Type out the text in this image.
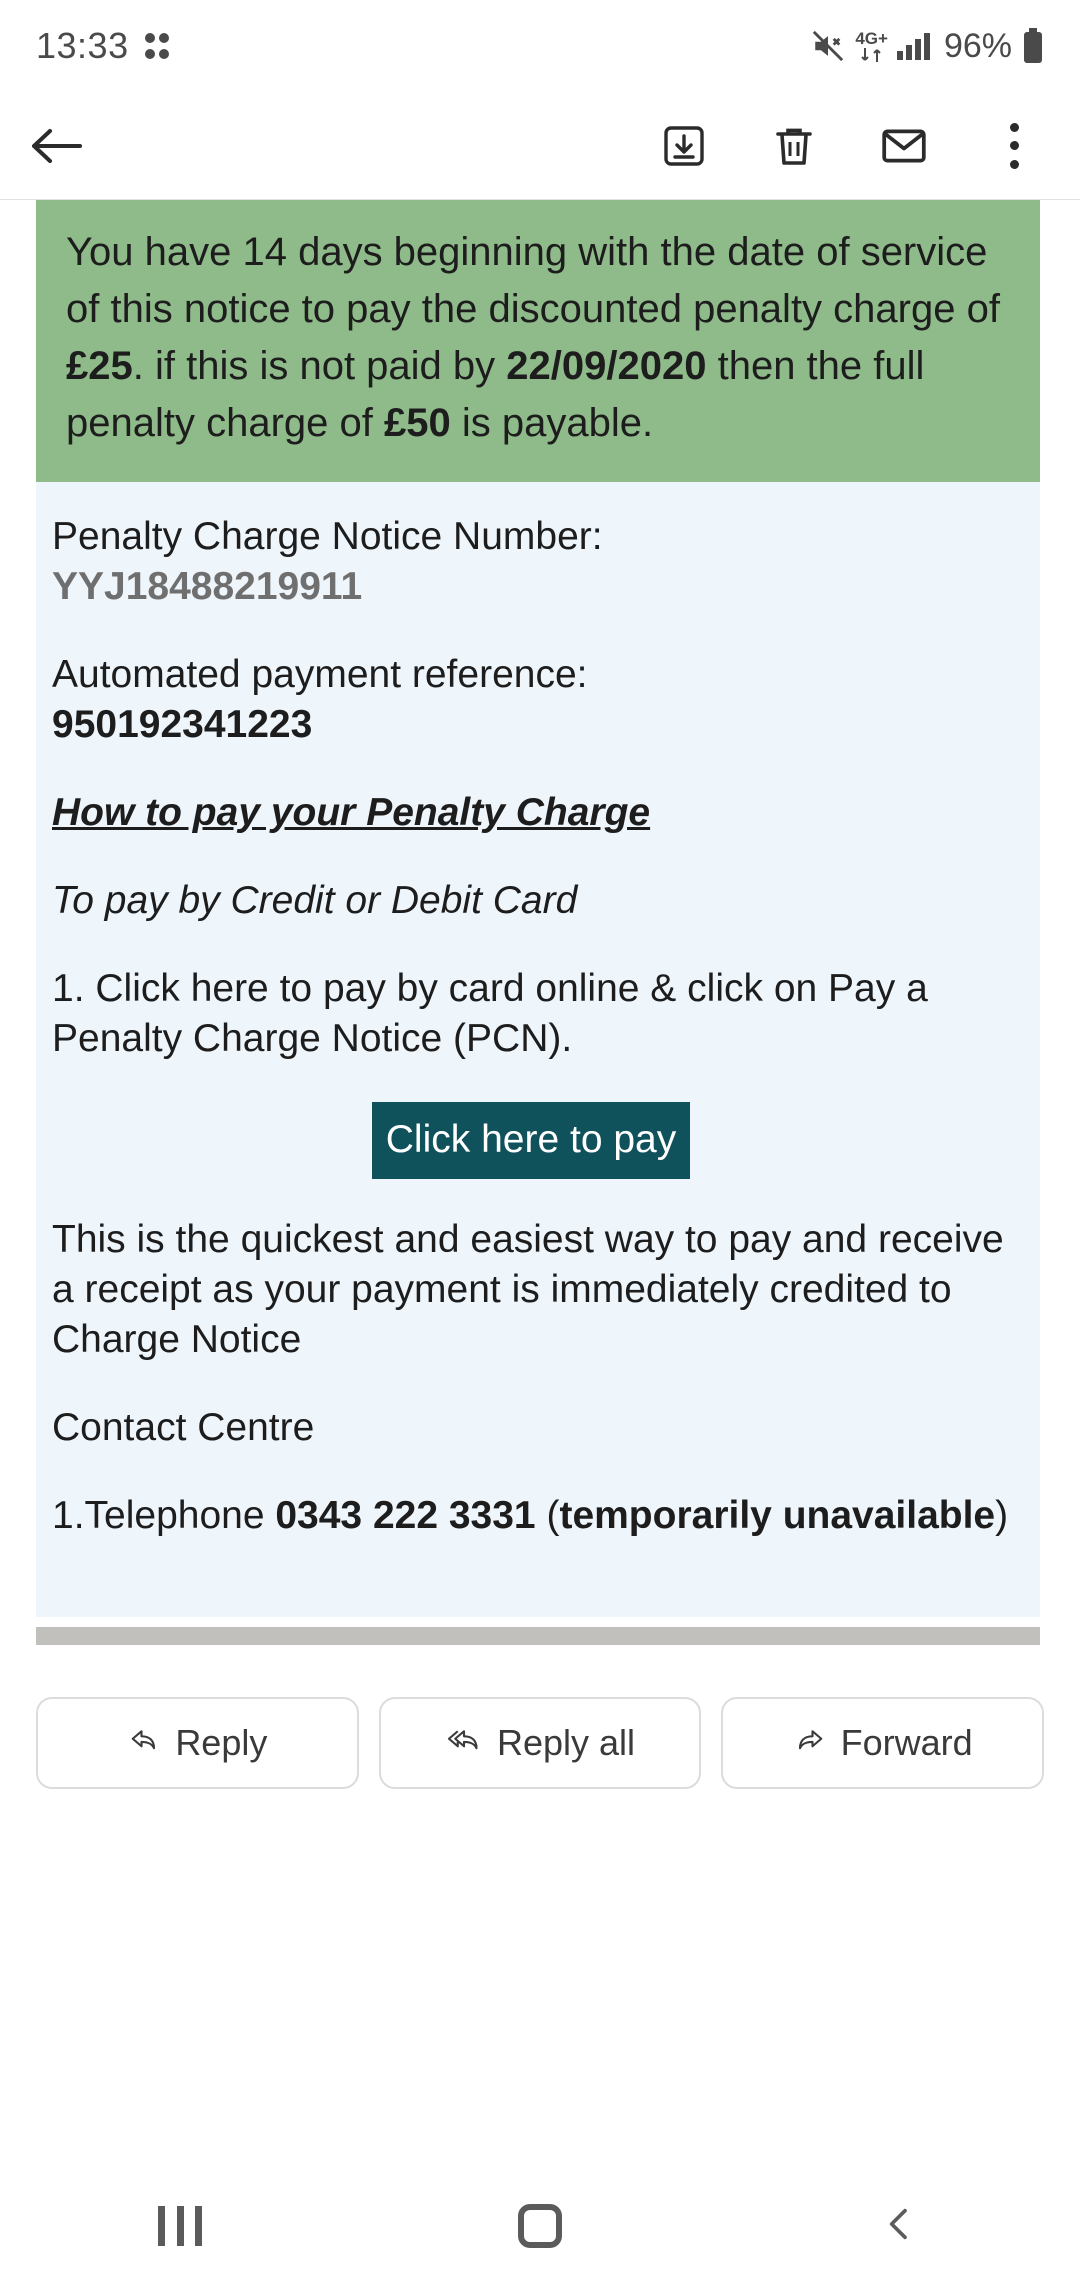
13:33	4G+ 96%

You have 14 days beginning with the date of service of this notice to pay the discounted penalty charge of £25. if this is not paid by 22/09/2020 then the full penalty charge of £50 is payable.

Penalty Charge Notice Number:
YYJ18488219911

Automated payment reference:
950192341223

How to pay your Penalty Charge

To pay by Credit or Debit Card

1. Click here to pay by card online & click on Pay a Penalty Charge Notice (PCN).

Click here to pay

This is the quickest and easiest way to pay and receive a receipt as your payment is immediately credited to Charge Notice

Contact Centre

1.Telephone 0343 222 3331 (temporarily unavailable)

Reply	Reply all	Forward
